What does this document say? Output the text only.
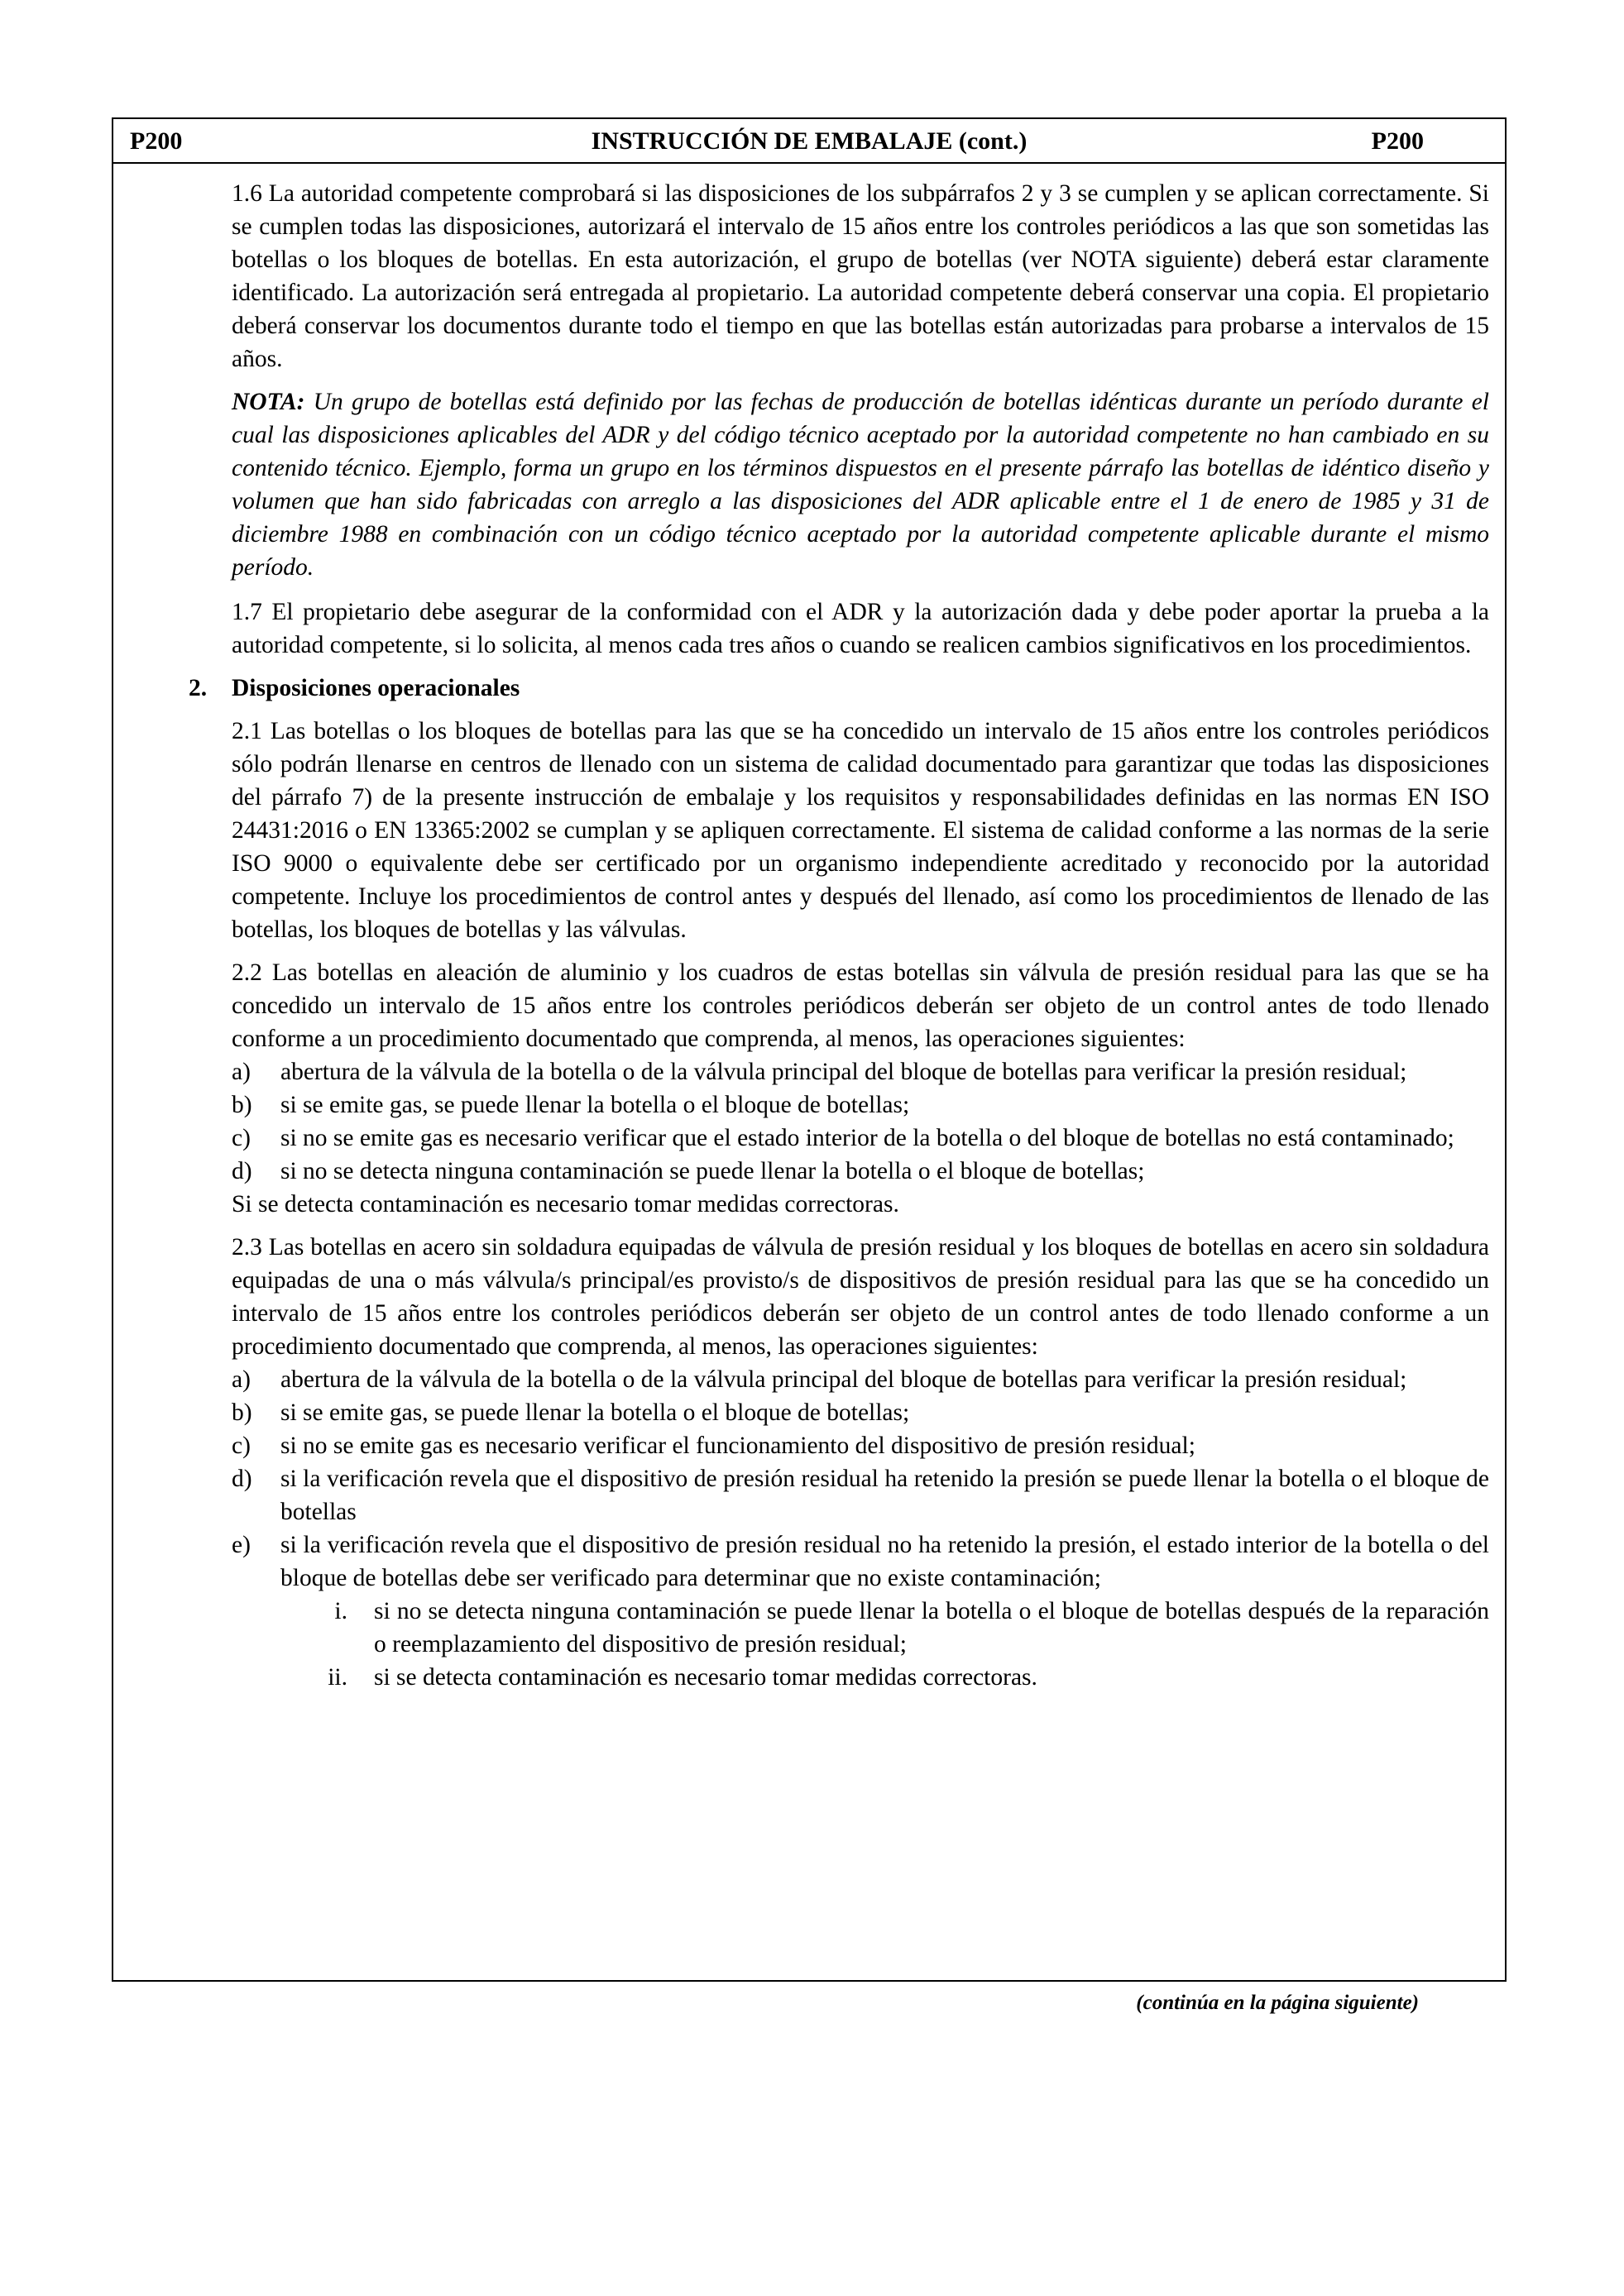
P200	INSTRUCCIÓN DE EMBALAJE (cont.)	P200

1.6 La autoridad competente comprobará si las disposiciones de los subpárrafos 2 y 3 se cumplen y se aplican correctamente. Si se cumplen todas las disposiciones, autorizará el intervalo de 15 años entre los controles periódicos a las que son sometidas las botellas o los bloques de botellas. En esta autorización, el grupo de botellas (ver NOTA siguiente) deberá estar claramente identificado. La autorización será entregada al propietario. La autoridad competente deberá conservar una copia. El propietario deberá conservar los documentos durante todo el tiempo en que las botellas están autorizadas para probarse a intervalos de 15 años.

NOTA: Un grupo de botellas está definido por las fechas de producción de botellas idénticas durante un período durante el cual las disposiciones aplicables del ADR y del código técnico aceptado por la autoridad competente no han cambiado en su contenido técnico. Ejemplo, forma un grupo en los términos dispuestos en el presente párrafo las botellas de idéntico diseño y volumen que han sido fabricadas con arreglo a las disposiciones del ADR aplicable entre el 1 de enero de 1985 y 31 de diciembre 1988 en combinación con un código técnico aceptado por la autoridad competente aplicable durante el mismo período.

1.7 El propietario debe asegurar de la conformidad con el ADR y la autorización dada y debe poder aportar la prueba a la autoridad competente, si lo solicita, al menos cada tres años o cuando se realicen cambios significativos en los procedimientos.

2. Disposiciones operacionales

2.1 Las botellas o los bloques de botellas para las que se ha concedido un intervalo de 15 años entre los controles periódicos sólo podrán llenarse en centros de llenado con un sistema de calidad documentado para garantizar que todas las disposiciones del párrafo 7) de la presente instrucción de embalaje y los requisitos y responsabilidades definidas en las normas EN ISO 24431:2016 o EN 13365:2002 se cumplan y se apliquen correctamente. El sistema de calidad conforme a las normas de la serie ISO 9000 o equivalente debe ser certificado por un organismo independiente acreditado y reconocido por la autoridad competente. Incluye los procedimientos de control antes y después del llenado, así como los procedimientos de llenado de las botellas, los bloques de botellas y las válvulas.

2.2 Las botellas en aleación de aluminio y los cuadros de estas botellas sin válvula de presión residual para las que se ha concedido un intervalo de 15 años entre los controles periódicos deberán ser objeto de un control antes de todo llenado conforme a un procedimiento documentado que comprenda, al menos, las operaciones siguientes:

a) abertura de la válvula de la botella o de la válvula principal del bloque de botellas para verificar la presión residual;
b) si se emite gas, se puede llenar la botella o el bloque de botellas;
c) si no se emite gas es necesario verificar que el estado interior de la botella o del bloque de botellas no está contaminado;
d) si no se detecta ninguna contaminación se puede llenar la botella o el bloque de botellas;

Si se detecta contaminación es necesario tomar medidas correctoras.

2.3 Las botellas en acero sin soldadura equipadas de válvula de presión residual y los bloques de botellas en acero sin soldadura equipadas de una o más válvula/s principal/es provisto/s de dispositivos de presión residual para las que se ha concedido un intervalo de 15 años entre los controles periódicos deberán ser objeto de un control antes de todo llenado conforme a un procedimiento documentado que comprenda, al menos, las operaciones siguientes:

a) abertura de la válvula de la botella o de la válvula principal del bloque de botellas para verificar la presión residual;
b) si se emite gas, se puede llenar la botella o el bloque de botellas;
c) si no se emite gas es necesario verificar el funcionamiento del dispositivo de presión residual;
d) si la verificación revela que el dispositivo de presión residual ha retenido la presión se puede llenar la botella o el bloque de botellas
e) si la verificación revela que el dispositivo de presión residual no ha retenido la presión, el estado interior de la botella o del bloque de botellas debe ser verificado para determinar que no existe contaminación;
i. si no se detecta ninguna contaminación se puede llenar la botella o el bloque de botellas después de la reparación o reemplazamiento del dispositivo de presión residual;
ii. si se detecta contaminación es necesario tomar medidas correctoras.
(continúa en la página siguiente)
